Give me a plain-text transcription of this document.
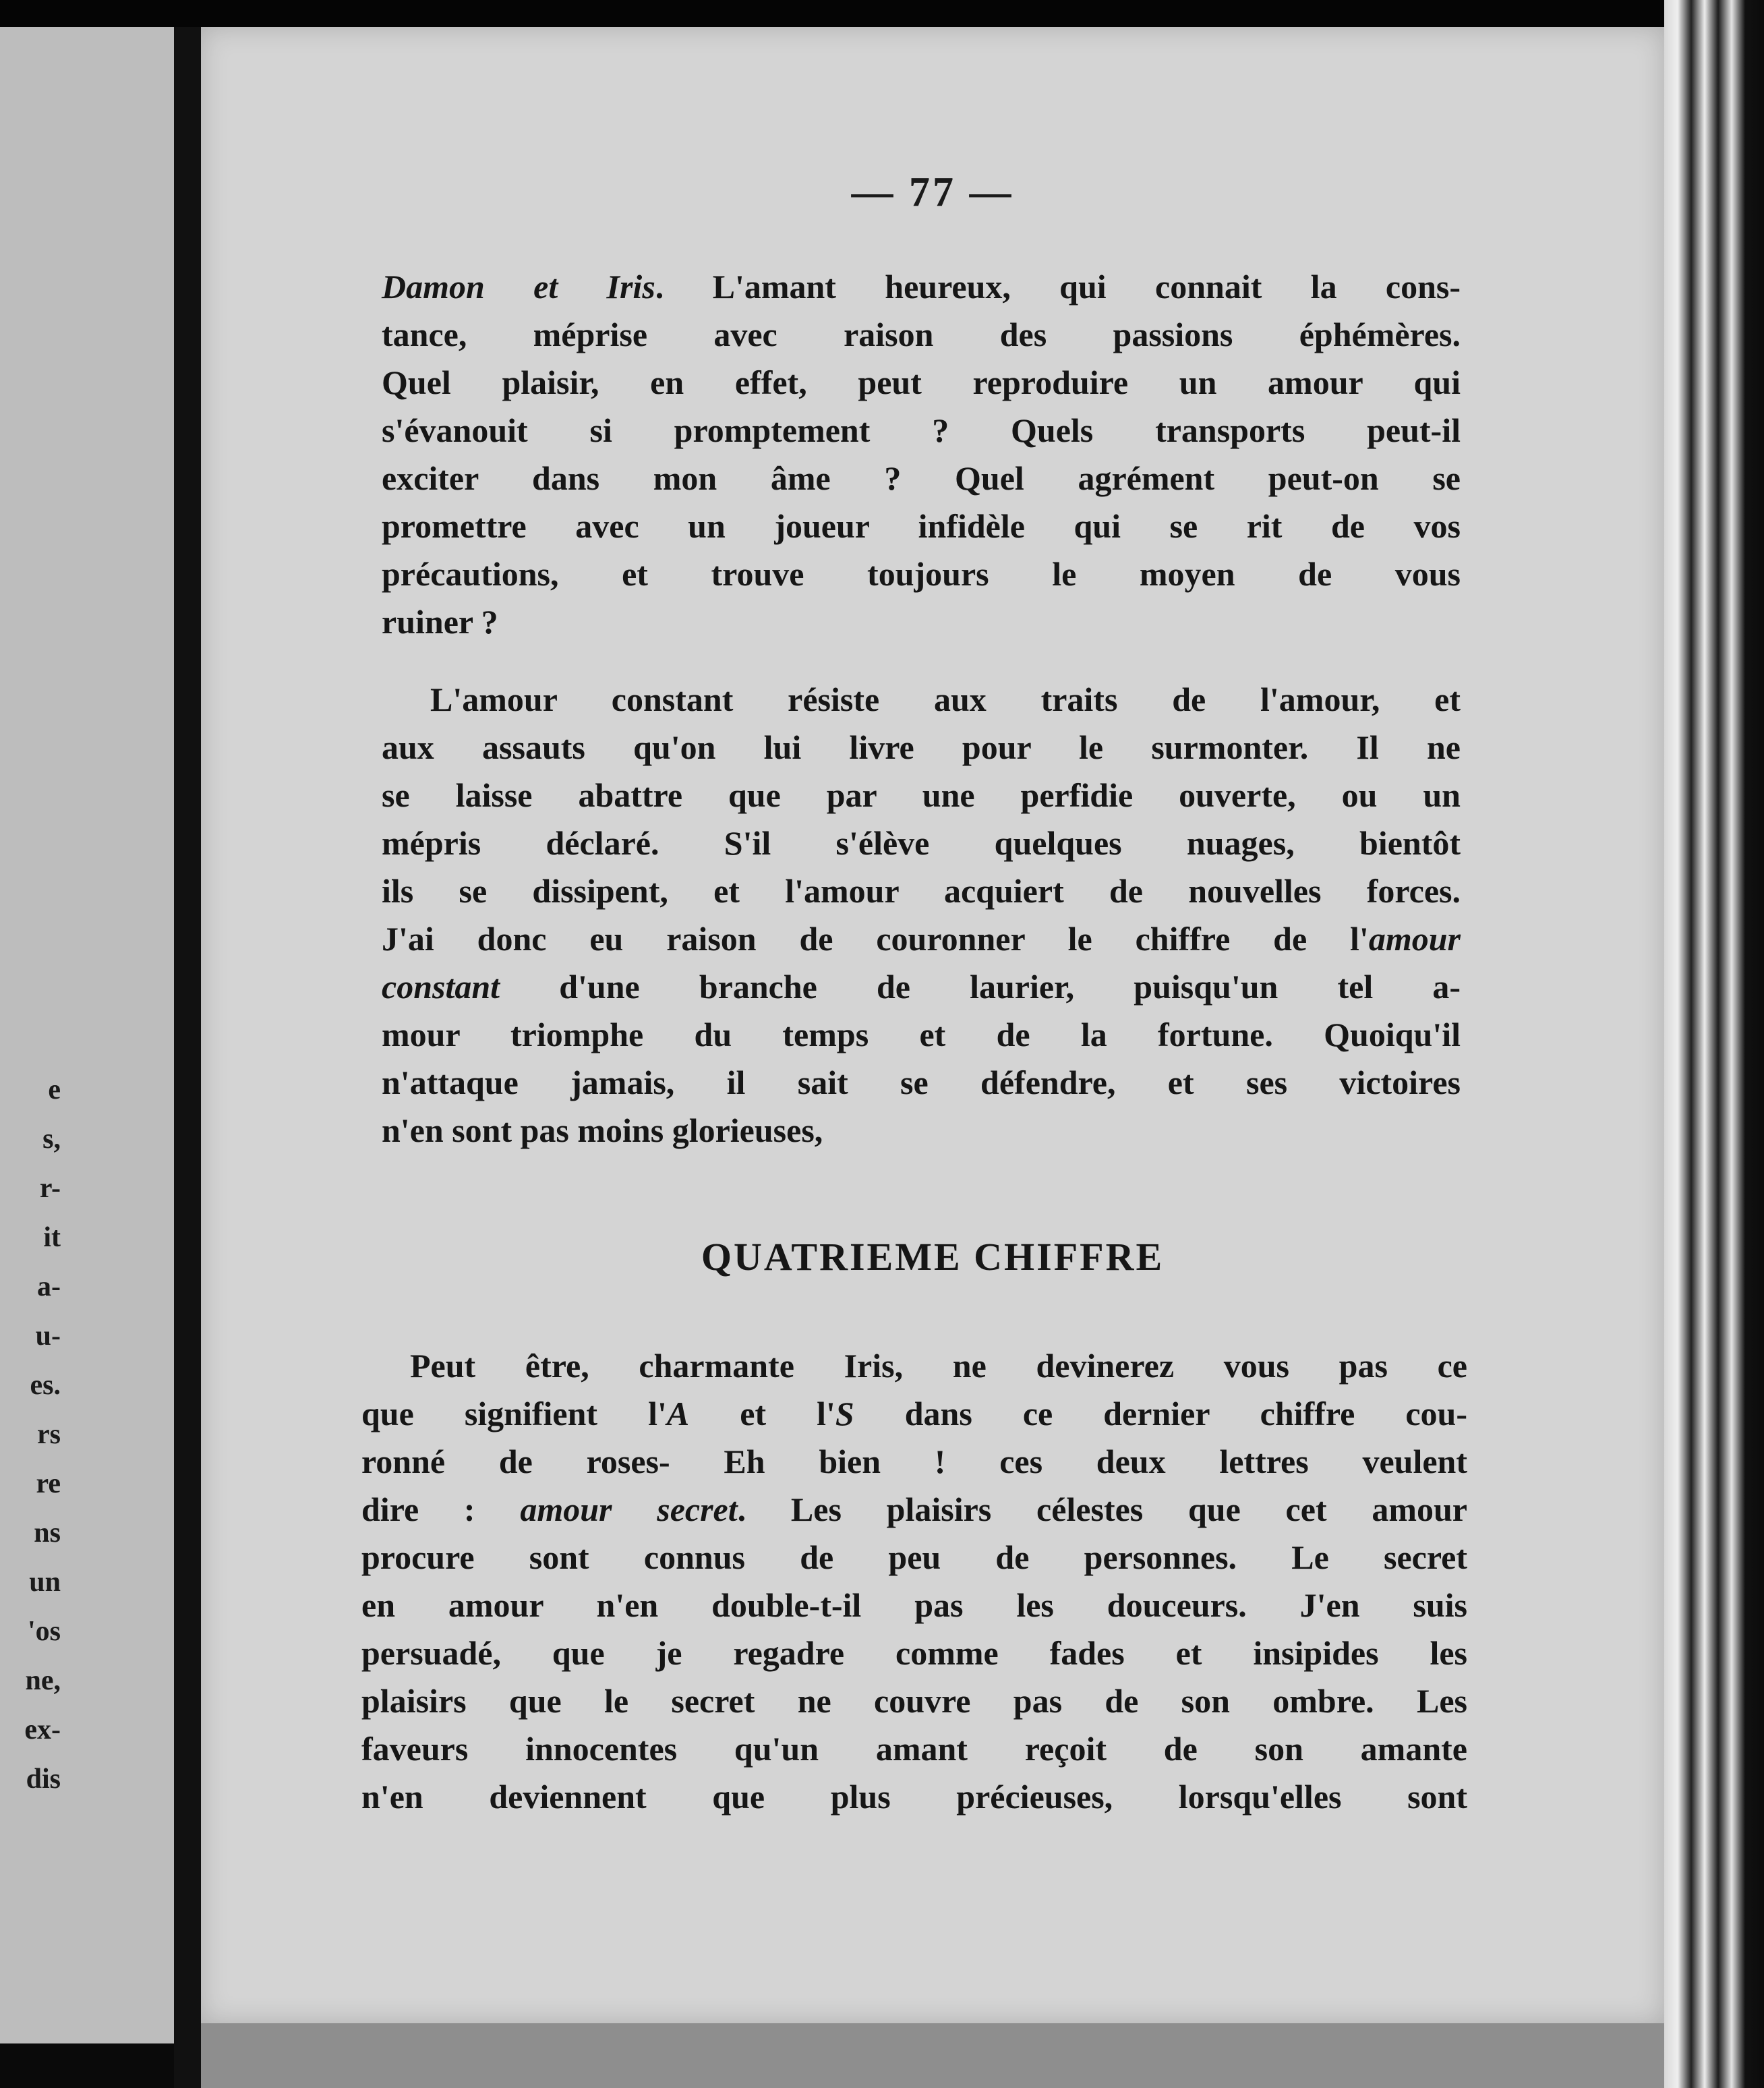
e
s,
r-
it
a-
u-
es.
rs
re
ns
un
'os
ne,
ex-
dis
— 77 —
Damon et Iris. L'amant heureux, qui connait la cons-
tance, méprise avec raison des passions éphémères.
Quel plaisir, en effet, peut reproduire un amour qui
s'évanouit si promptement ? Quels transports peut-il
exciter dans mon âme ? Quel agrément peut-on se
promettre avec un joueur infidèle qui se rit de vos
précautions, et trouve toujours le moyen de vous
ruiner ?
L'amour constant résiste aux traits de l'amour, et
aux assauts qu'on lui livre pour le surmonter. Il ne
se laisse abattre que par une perfidie ouverte, ou un
mépris déclaré. S'il s'élève quelques nuages, bientôt
ils se dissipent, et l'amour acquiert de nouvelles forces.
J'ai donc eu raison de couronner le chiffre de l'amour
constant d'une branche de laurier, puisqu'un tel a-
mour triomphe du temps et de la fortune. Quoiqu'il
n'attaque jamais, il sait se défendre, et ses victoires
n'en sont pas moins glorieuses,
QUATRIEME CHIFFRE
Peut être, charmante Iris, ne devinerez vous pas ce
que signifient l'A et l'S dans ce dernier chiffre cou-
ronné de roses- Eh bien ! ces deux lettres veulent
dire : amour secret. Les plaisirs célestes que cet amour
procure sont connus de peu de personnes. Le secret
en amour n'en double-t-il pas les douceurs. J'en suis
persuadé, que je regadre comme fades et insipides les
plaisirs que le secret ne couvre pas de son ombre. Les
faveurs innocentes qu'un amant reçoit de son amante
n'en deviennent que plus précieuses, lorsqu'elles sont
